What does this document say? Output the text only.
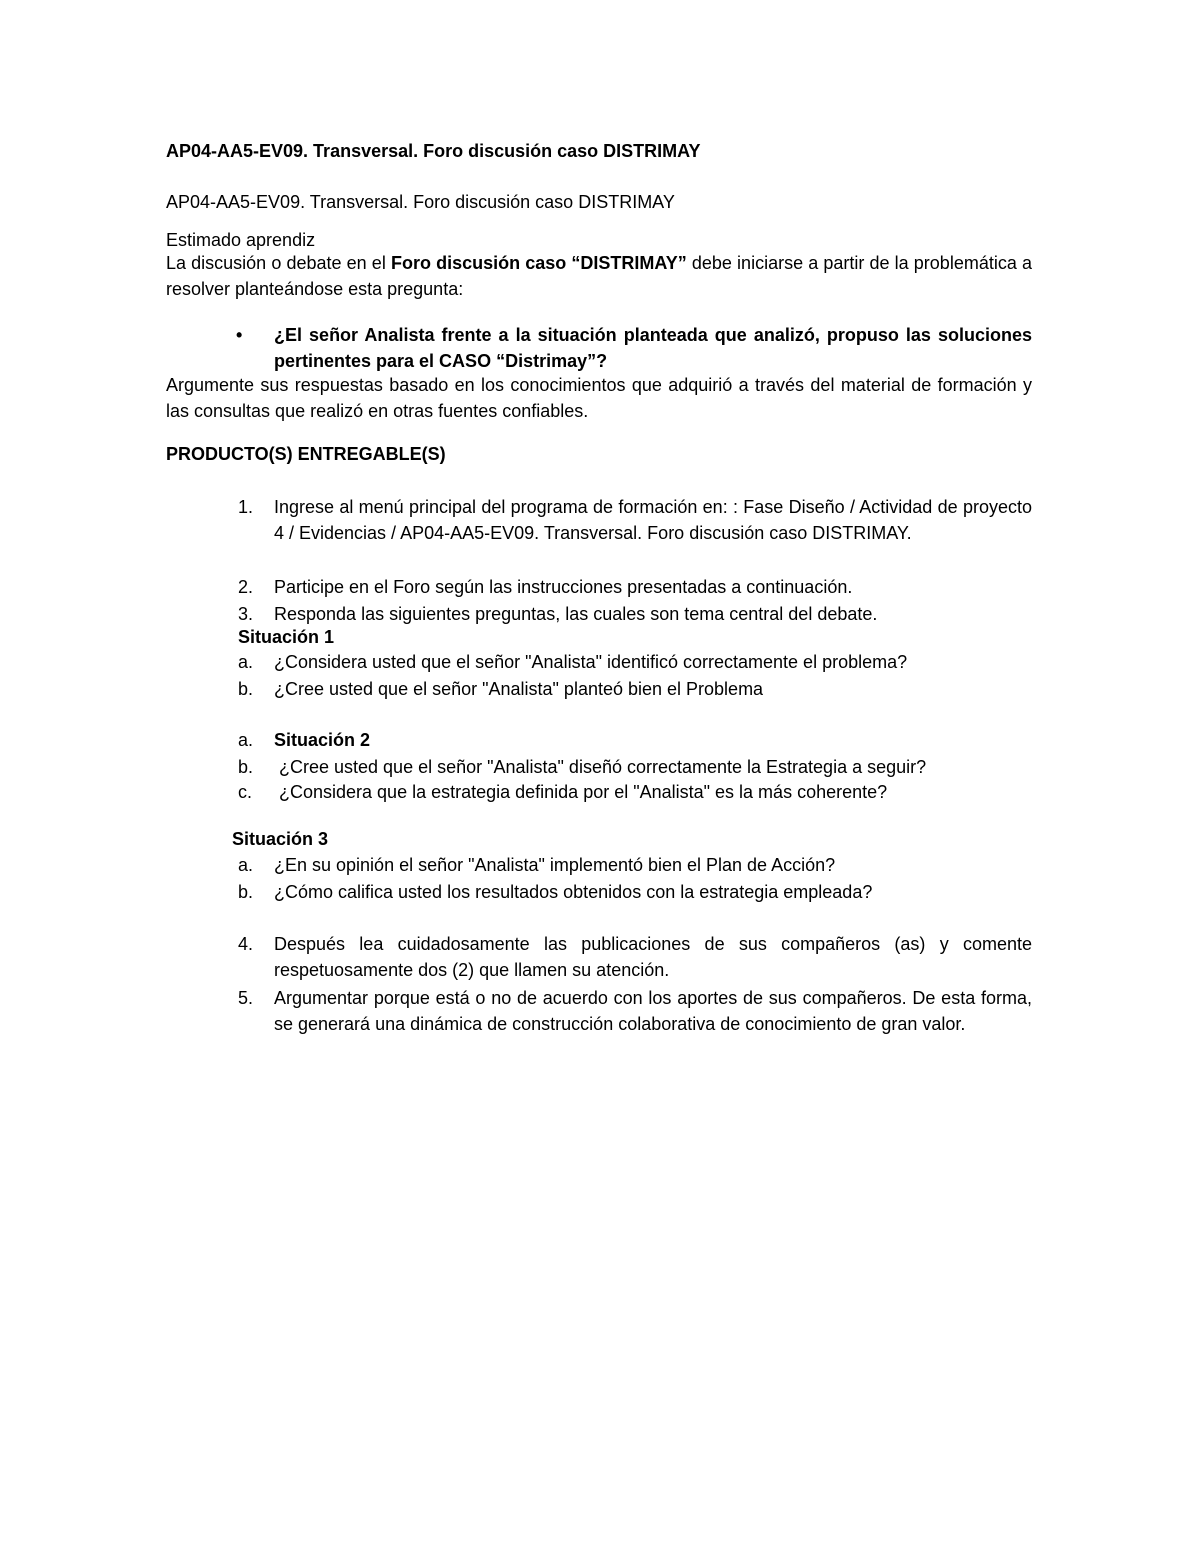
AP04-AA5-EV09. Transversal. Foro discusión caso DISTRIMAY
AP04-AA5-EV09. Transversal. Foro discusión caso DISTRIMAY
Estimado aprendiz
La discusión o debate en el Foro discusión caso “DISTRIMAY” debe iniciarse a partir de la problemática a resolver planteándose esta pregunta:
• ¿El señor Analista frente a la situación planteada que analizó, propuso las soluciones pertinentes para el CASO “Distrimay”?
Argumente sus respuestas basado en los conocimientos que adquirió a través del material de formación y las consultas que realizó en otras fuentes confiables.
PRODUCTO(S) ENTREGABLE(S)
1. Ingrese al menú principal del programa de formación en: : Fase Diseño / Actividad de proyecto 4 / Evidencias / AP04-AA5-EV09. Transversal. Foro discusión caso DISTRIMAY.
2. Participe en el Foro según las instrucciones presentadas a continuación.
3. Responda las siguientes preguntas, las cuales son tema central del debate.
Situación 1
a. ¿Considera usted que el señor "Analista" identificó correctamente el problema?
b. ¿Cree usted que el señor "Analista" planteó bien el Problema
a. Situación 2
b. ¿Cree usted que el señor "Analista" diseñó correctamente la Estrategia a seguir?
c. ¿Considera que la estrategia definida por el "Analista" es la más coherente?
Situación 3
a. ¿En su opinión el señor "Analista" implementó bien el Plan de Acción?
b. ¿Cómo califica usted los resultados obtenidos con la estrategia empleada?
4. Después lea cuidadosamente las publicaciones de sus compañeros (as) y comente respetuosamente dos (2) que llamen su atención.
5. Argumentar porque está o no de acuerdo con los aportes de sus compañeros. De esta forma, se generará una dinámica de construcción colaborativa de conocimiento de gran valor.
